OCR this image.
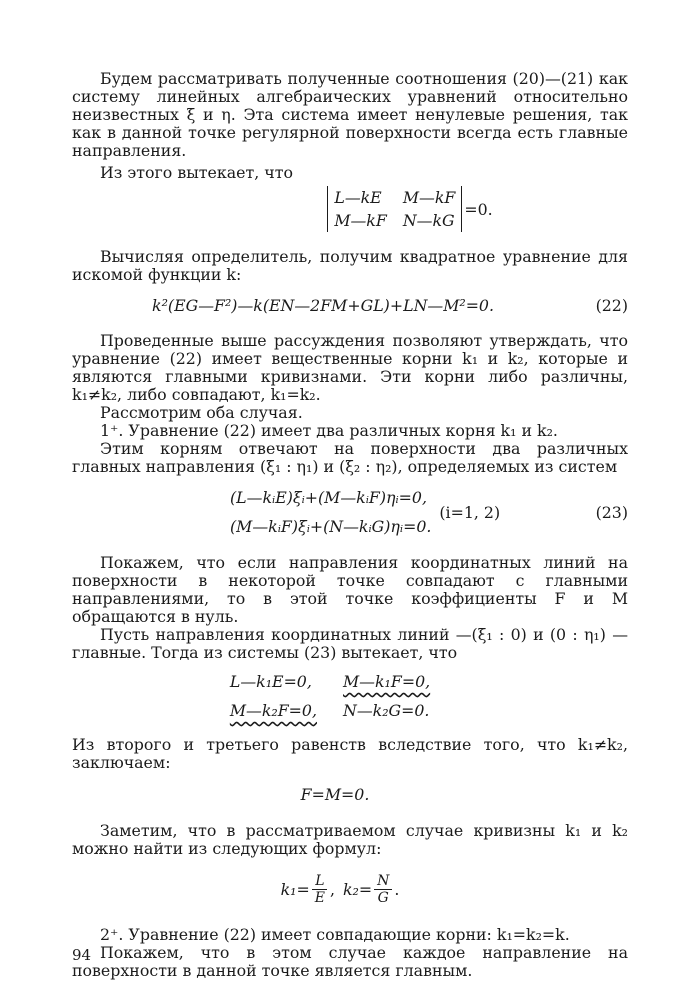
Будем рассматривать полученные соотношения (20)—(21) как систему линейных алгебраических уравнений относительно неизвестных ξ и η. Эта система имеет ненулевые решения, так как в данной точке регулярной поверхности всегда есть главные направления.

Из этого вытекает, что

L—kE	M—kF
M—kF N—kG
=0.

Вычисляя определитель, получим квадратное уравнение для искомой функции k:

k²(EG—F²)—k(EN—2FM+GL)+LN—M²=0.	(22)

Проведенные выше рассуждения позволяют утверждать, что уравнение (22) имеет вещественные корни k₁ и k₂, которые и являются главными кривизнами. Эти корни либо различны, k₁≠k₂, либо совпадают, k₁=k₂.

Рассмотрим оба случая.

1⁺. Уравнение (22) имеет два различных корня k₁ и k₂.

Этим корням отвечают на поверхности два различных главных направления (ξ₁ : η₁) и (ξ₂ : η₂), определяемых из систем

(L—kᵢE)ξᵢ+(M—kᵢF)ηᵢ=0,
(M—kᵢF)ξᵢ+(N—kᵢG)ηᵢ=0.
(i=1, 2)	(23)

Покажем, что если направления координатных линий на поверхности в некоторой точке совпадают с главными направлениями, то в этой точке коэффициенты F и M обращаются в нуль.

Пусть направления координатных линий —(ξ₁ : 0) и (0 : η₁) — главные. Тогда из системы (23) вытекает, что

L—k₁E=0,	M—k₁F=0,
M—k₂F=0, N—k₂G=0.

Из второго и третьего равенств вследствие того, что k₁≠k₂, заключаем:

F=M=0.

Заметим, что в рассматриваемом случае кривизны k₁ и k₂ можно найти из следующих формул:

$k_1= \frac{L}{E}$ , $k_2= \frac{N}{G}$ .

2⁺. Уравнение (22) имеет совпадающие корни: k₁=k₂=k.

Покажем, что в этом случае каждое направление на поверхности в данной точке является главным.

94
